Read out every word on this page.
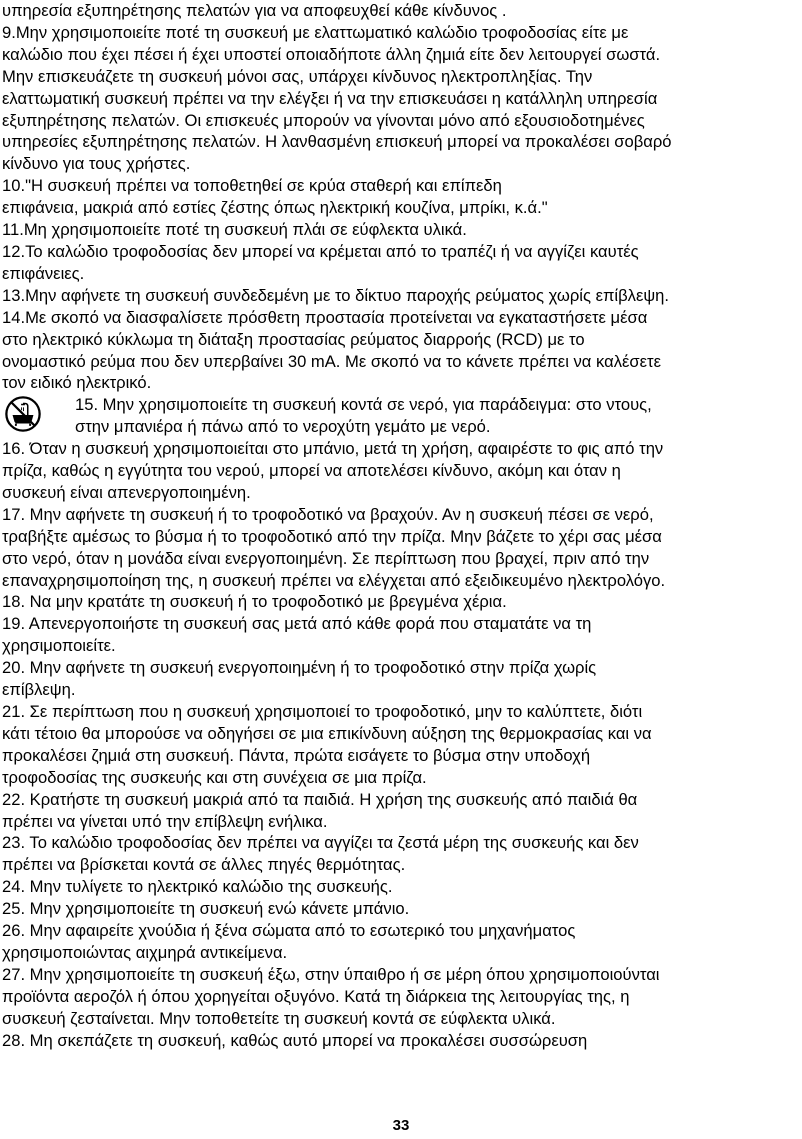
υπηρεσία εξυπηρέτησης πελατών για να αποφευχθεί κάθε κίνδυνος .
9.Μην χρησιμοποιείτε ποτέ τη συσκευή με ελαττωματικό καλώδιο τροφοδοσίας είτε με
καλώδιο που έχει πέσει ή έχει υποστεί οποιαδήποτε άλλη ζημιά είτε δεν λειτουργεί σωστά.
Μην επισκευάζετε τη συσκευή μόνοι σας, υπάρχει κίνδυνος ηλεκτροπληξίας. Την
ελαττωματική συσκευή πρέπει να την ελέγξει ή να την επισκευάσει η κατάλληλη υπηρεσία
εξυπηρέτησης πελατών. Οι επισκευές μπορούν να γίνονται μόνο από εξουσιοδοτημένες
υπηρεσίες εξυπηρέτησης πελατών. Η λανθασμένη επισκευή μπορεί να προκαλέσει σοβαρό
κίνδυνο για τους χρήστες.
10."Η συσκευή πρέπει να τοποθετηθεί σε κρύα σταθερή και επίπεδη
επιφάνεια, μακριά από εστίες ζέστης όπως ηλεκτρική κουζίνα, μπρίκι, κ.ά."
11.Μη χρησιμοποιείτε ποτέ τη συσκευή πλάι σε εύφλεκτα υλικά.
12.Το καλώδιο τροφοδοσίας δεν μπορεί να κρέμεται από το τραπέζι ή να αγγίζει καυτές
επιφάνειες.
13.Μην αφήνετε τη συσκευή συνδεδεμένη με το δίκτυο παροχής ρεύματος χωρίς επίβλεψη.
14.Με σκοπό να διασφαλίσετε πρόσθετη προστασία προτείνεται να εγκαταστήσετε μέσα
στο ηλεκτρικό κύκλωμα τη διάταξη προστασίας ρεύματος διαρροής (RCD) με το
ονομαστικό ρεύμα που δεν υπερβαίνει 30 mA. Με σκοπό να το κάνετε πρέπει να καλέσετε
τον ειδικό ηλεκτρικό.
15. Μην χρησιμοποιείτε τη συσκευή κοντά σε νερό, για παράδειγμα: στο ντους,
στην μπανιέρα ή πάνω από το νεροχύτη γεμάτο με νερό.
16. Όταν η συσκευή χρησιμοποιείται στο μπάνιο, μετά τη χρήση, αφαιρέστε το φις από την
πρίζα, καθώς η εγγύτητα του νερού, μπορεί να αποτελέσει κίνδυνο, ακόμη και όταν η
συσκευή είναι απενεργοποιημένη.
17. Μην αφήνετε τη συσκευή ή το τροφοδοτικό να βραχούν. Αν η συσκευή πέσει σε νερό,
τραβήξτε αμέσως το βύσμα ή το τροφοδοτικό από την πρίζα. Μην βάζετε το χέρι σας μέσα
στο νερό, όταν η μονάδα είναι ενεργοποιημένη. Σε περίπτωση που βραχεί, πριν από την
επαναχρησιμοποίηση της, η συσκευή πρέπει να ελέγχεται από εξειδικευμένο ηλεκτρολόγο.
18. Να μην κρατάτε τη συσκευή ή το τροφοδοτικό με βρεγμένα χέρια.
19. Απενεργοποιήστε τη συσκευή σας μετά από κάθε φορά που σταματάτε να τη
χρησιμοποιείτε.
20. Μην αφήνετε τη συσκευή ενεργοποιημένη ή το τροφοδοτικό στην πρίζα χωρίς
επίβλεψη.
21. Σε περίπτωση που η συσκευή χρησιμοποιεί το τροφοδοτικό, μην το καλύπτετε, διότι
κάτι τέτοιο θα μπορούσε να οδηγήσει σε μια επικίνδυνη αύξηση της θερμοκρασίας και να
προκαλέσει ζημιά στη συσκευή. Πάντα, πρώτα εισάγετε το βύσμα στην υποδοχή
τροφοδοσίας της συσκευής και στη συνέχεια σε μια πρίζα.
22. Κρατήστε τη συσκευή μακριά από τα παιδιά. Η χρήση της συσκευής από παιδιά θα
πρέπει να γίνεται υπό την επίβλεψη ενήλικα.
23. Το καλώδιο τροφοδοσίας δεν πρέπει να αγγίζει τα ζεστά μέρη της συσκευής και δεν
πρέπει να βρίσκεται κοντά σε άλλες πηγές θερμότητας.
24. Μην τυλίγετε το ηλεκτρικό καλώδιο της συσκευής.
25. Μην χρησιμοποιείτε τη συσκευή ενώ κάνετε μπάνιο.
26. Μην αφαιρείτε χνούδια ή ξένα σώματα από το εσωτερικό του μηχανήματος
χρησιμοποιώντας αιχμηρά αντικείμενα.
27. Μην χρησιμοποιείτε τη συσκευή έξω, στην ύπαιθρο ή σε μέρη όπου χρησιμοποιούνται
προϊόντα αεροζόλ ή όπου χορηγείται οξυγόνο. Κατά τη διάρκεια της λειτουργίας της, η
συσκευή ζεσταίνεται. Μην τοποθετείτε τη συσκευή κοντά σε εύφλεκτα υλικά.
28. Μη σκεπάζετε τη συσκευή, καθώς αυτό μπορεί να προκαλέσει συσσώρευση
33
